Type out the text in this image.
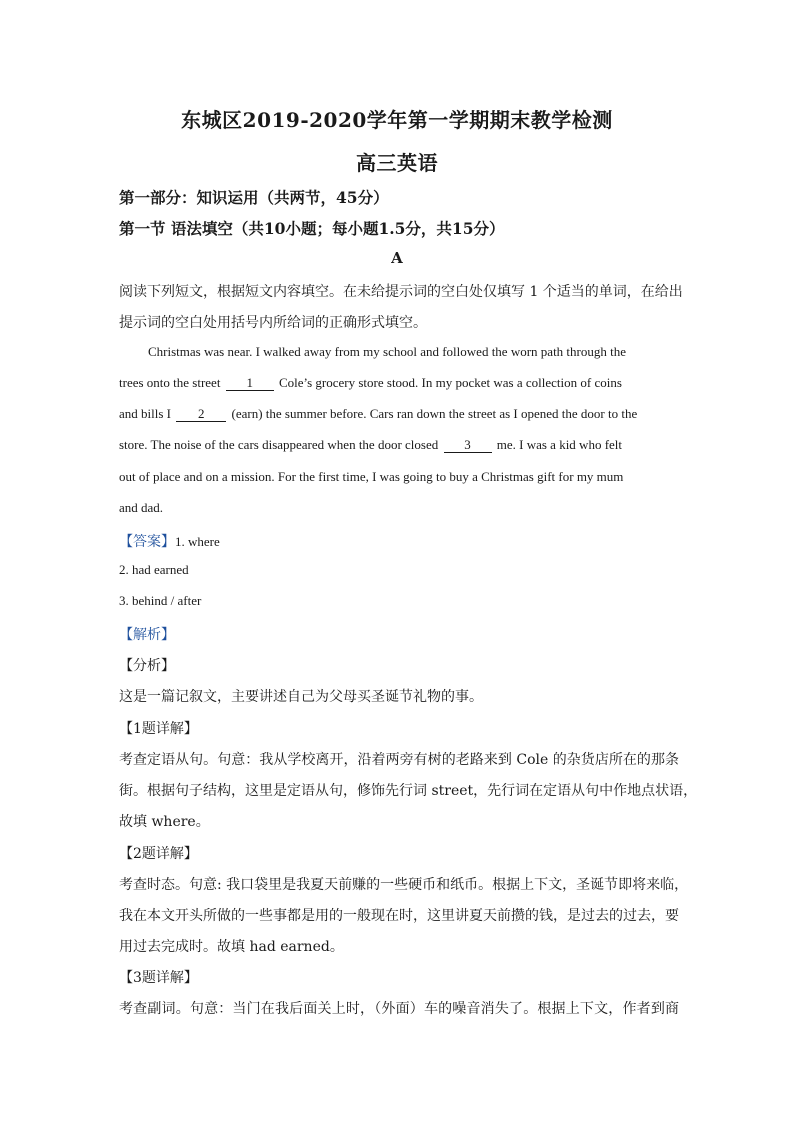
东城区2019-2020学年第一学期期末教学检测
高三英语
第一部分：知识运用（共两节，45分）
第一节 语法填空（共10小题；每小题1.5分，共15分）
A
阅读下列短文，根据短文内容填空。在未给提示词的空白处仅填写 1 个适当的单词，在给出
提示词的空白处用括号内所给词的正确形式填空。
Christmas was near. I walked away from my school and followed the worn path through the
trees onto the street 1 Cole’s grocery store stood. In my pocket was a collection of coins
and bills I 2 (earn) the summer before. Cars ran down the street as I opened the door to the
store. The noise of the cars disappeared when the door closed 3 me. I was a kid who felt
out of place and on a mission. For the first time, I was going to buy a Christmas gift for my mum
and dad.
【答案】1. where
2. had earned
3. behind / after
【解析】
【分析】
这是一篇记叙文，主要讲述自己为父母买圣诞节礼物的事。
【1题详解】
考查定语从句。句意：我从学校离开，沿着两旁有树的老路来到 Cole 的杂货店所在的那条
街。根据句子结构，这里是定语从句，修饰先行词 street，先行词在定语从句中作地点状语，
故填 where。
【2题详解】
考查时态。句意: 我口袋里是我夏天前赚的一些硬币和纸币。根据上下文，圣诞节即将来临，
我在本文开头所做的一些事都是用的一般现在时，这里讲夏天前攒的钱，是过去的过去，要
用过去完成时。故填 had earned。
【3题详解】
考查副词。句意：当门在我后面关上时，（外面）车的噪音消失了。根据上下文，作者到商
